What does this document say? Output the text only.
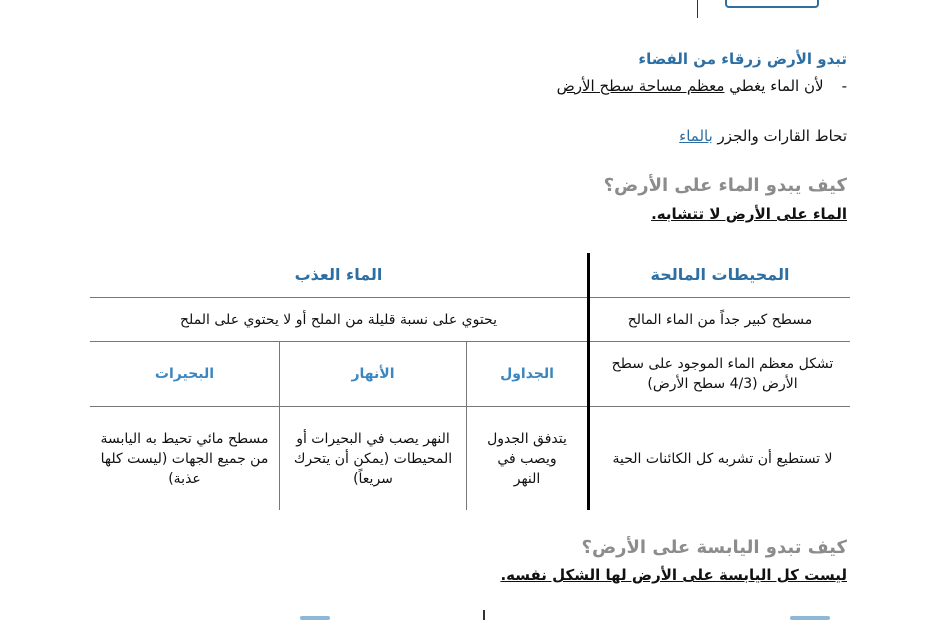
تبدو الأرض زرقاء من الفضاء
-لأن الماء يغطي معظم مساحة سطح الأرض
تحاط القارات والجزر بالماء
كيف يبدو الماء على الأرض؟
الماء على الأرض لا تتشابه.
المحيطات المالحة
الماء العذب
مسطح كبير جداً من الماء المالح
يحتوي على نسبة قليلة من الملح أو لا يحتوي على الملح
تشكل معظم الماء الموجود على سطح الأرض (4/3 سطح الأرض)
الجداول
الأنهار
البحيرات
لا تستطيع أن تشربه كل الكائنات الحية
يتدفق الجدول ويصب في النهر
النهر يصب في البحيرات أو المحيطات (يمكن أن يتحرك سريعاً)
مسطح مائي تحيط به اليابسة من جميع الجهات (ليست كلها عذبة)
كيف تبدو اليابسة على الأرض؟
ليست كل اليابسة على الأرض لها الشكل نفسه.
